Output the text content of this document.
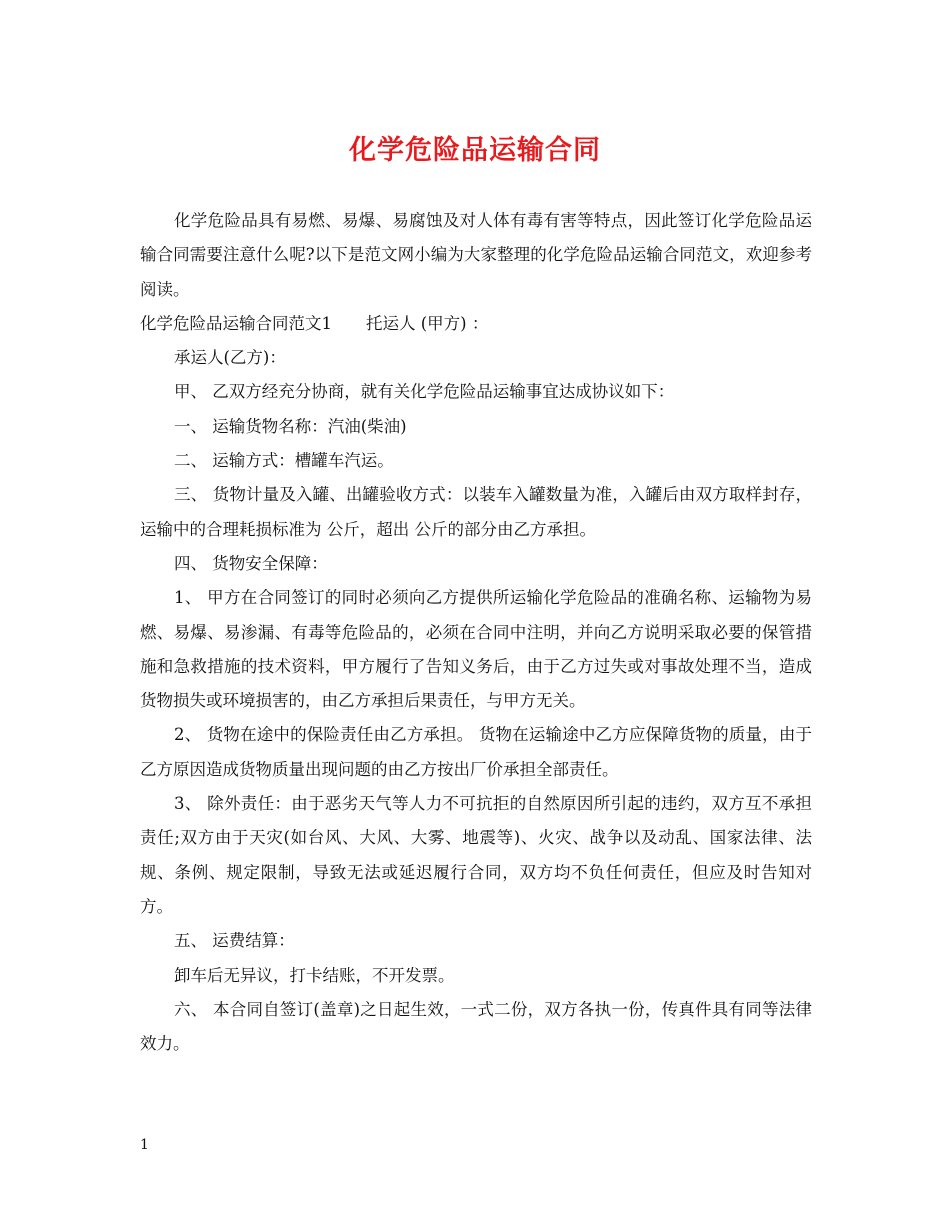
化学危险品运输合同

化学危险品具有易燃、易爆、易腐蚀及对人体有毒有害等特点，因此签订化学危险品运输合同需要注意什么呢?以下是范文网小编为大家整理的化学危险品运输合同范文，欢迎参考阅读。

化学危险品运输合同范文1 托运人 (甲方) ：

承运人(乙方)：

甲、 乙双方经充分协商，就有关化学危险品运输事宜达成协议如下：

一、 运输货物名称：汽油(柴油)

二、 运输方式：槽罐车汽运。

三、 货物计量及入罐、出罐验收方式：以装车入罐数量为准，入罐后由双方取样封存，运输中的合理耗损标准为 公斤，超出 公斤的部分由乙方承担。

四、 货物安全保障：

1、 甲方在合同签订的同时必须向乙方提供所运输化学危险品的准确名称、运输物为易燃、易爆、易渗漏、有毒等危险品的，必须在合同中注明，并向乙方说明采取必要的保管措施和急救措施的技术资料，甲方履行了告知义务后，由于乙方过失或对事故处理不当，造成货物损失或环境损害的，由乙方承担后果责任，与甲方无关。

2、 货物在途中的保险责任由乙方承担。 货物在运输途中乙方应保障货物的质量，由于乙方原因造成货物质量出现问题的由乙方按出厂价承担全部责任。

3、 除外责任：由于恶劣天气等人力不可抗拒的自然原因所引起的违约，双方互不承担责任;双方由于天灾(如台风、大风、大雾、地震等)、火灾、战争以及动乱、国家法律、法规、条例、规定限制，导致无法或延迟履行合同，双方均不负任何责任，但应及时告知对方。

五、 运费结算：

卸车后无异议，打卡结账，不开发票。

六、 本合同自签订(盖章)之日起生效，一式二份，双方各执一份，传真件具有同等法律效力。

1
